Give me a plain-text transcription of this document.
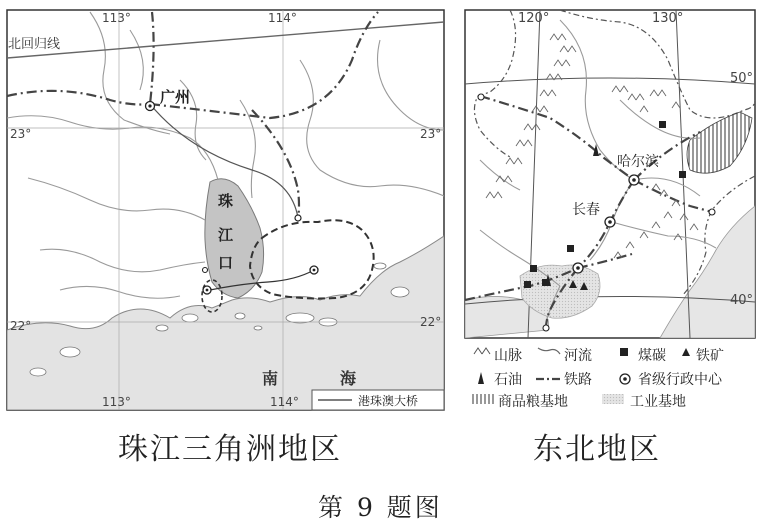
113°	114°
113°	114°
23°	23°
22°	22°
北回归线
广州
珠
江
口
南	海
港珠澳大桥
120°	130°
50°
40°
哈尔滨
长春
山脉	河流	煤碳 铁矿
石油	铁路	省级行政中心
商品粮基地	工业基地
珠江三角洲地区	东北地区
第 9 题图
